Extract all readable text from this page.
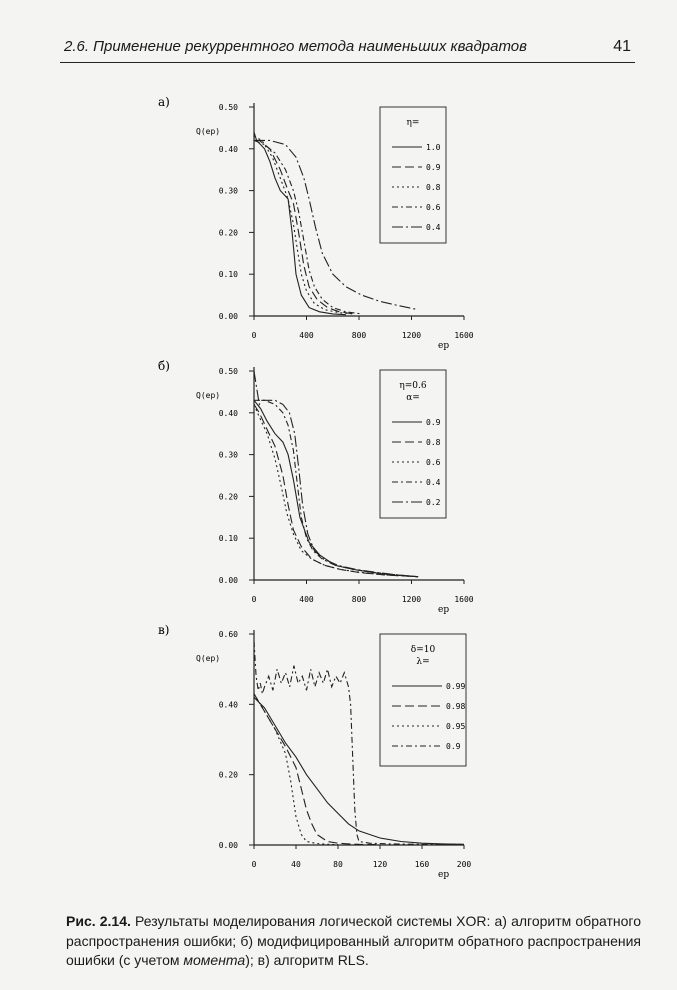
2.6. Применение рекуррентного метода наименьших квадратов	41
а)
0.00
0.10
0.20
0.30
0.40
0.50
0	400	800	1200	1600
Q(ep)
ep
η=
1.0
0.9
0.8
0.6
0.4
б)
0.00
0.10
0.20
0.30
0.40
0.50
0	400	800	1200	1600
Q(ep)
ep
η=0.6
α=
0.9
0.8
0.6
0.4
0.2
в)
0.00
0.20
0.40
0.60
0	40	80	120	160	200
Q(ep)
ep
δ=10
λ=
0.99
0.98
0.95
0.9
Рис. 2.14. Результаты моделирования логической системы XOR: а) алгоритм обратного распространения ошибки; б) модифицированный алгоритм обратного распространения ошибки (с учетом момента); в) алгоритм RLS.
